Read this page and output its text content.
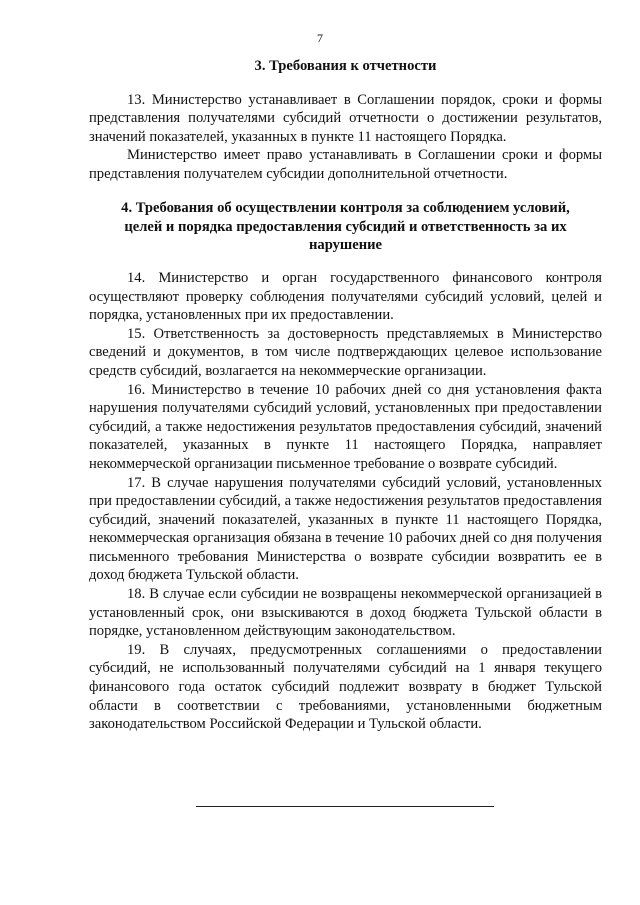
7
3. Требования к отчетности

13. Министерство устанавливает в Соглашении порядок, сроки и формы представления получателями субсидий отчетности о достижении результатов, значений показателей, указанных в пункте 11 настоящего Порядка.

Министерство имеет право устанавливать в Соглашении сроки и формы представления получателем субсидии дополнительной отчетности.

4. Требования об осуществлении контроля за соблюдением условий, целей и порядка предоставления субсидий и ответственность за их нарушение

14. Министерство и орган государственного финансового контроля осуществляют проверку соблюдения получателями субсидий условий, целей и порядка, установленных при их предоставлении.

15. Ответственность за достоверность представляемых в Министерство сведений и документов, в том числе подтверждающих целевое использование средств субсидий, возлагается на некоммерческие организации.

16. Министерство в течение 10 рабочих дней со дня установления факта нарушения получателями субсидий условий, установленных при предоставлении субсидий, а также недостижения результатов предоставления субсидий, значений показателей, указанных в пункте 11 настоящего Порядка, направляет некоммерческой организации письменное требование о возврате субсидий.

17. В случае нарушения получателями субсидий условий, установленных при предоставлении субсидий, а также недостижения результатов предоставления субсидий, значений показателей, указанных в пункте 11 настоящего Порядка, некоммерческая организация обязана в течение 10 рабочих дней со дня получения письменного требования Министерства о возврате субсидии возвратить ее в доход бюджета Тульской области.

18. В случае если субсидии не возвращены некоммерческой организацией в установленный срок, они взыскиваются в доход бюджета Тульской области в порядке, установленном действующим законодательством.

19. В случаях, предусмотренных соглашениями о предоставлении субсидий, не использованный получателями субсидий на 1 января текущего финансового года остаток субсидий подлежит возврату в бюджет Тульской области в соответствии с требованиями, установленными бюджетным законодательством Российской Федерации и Тульской области.
